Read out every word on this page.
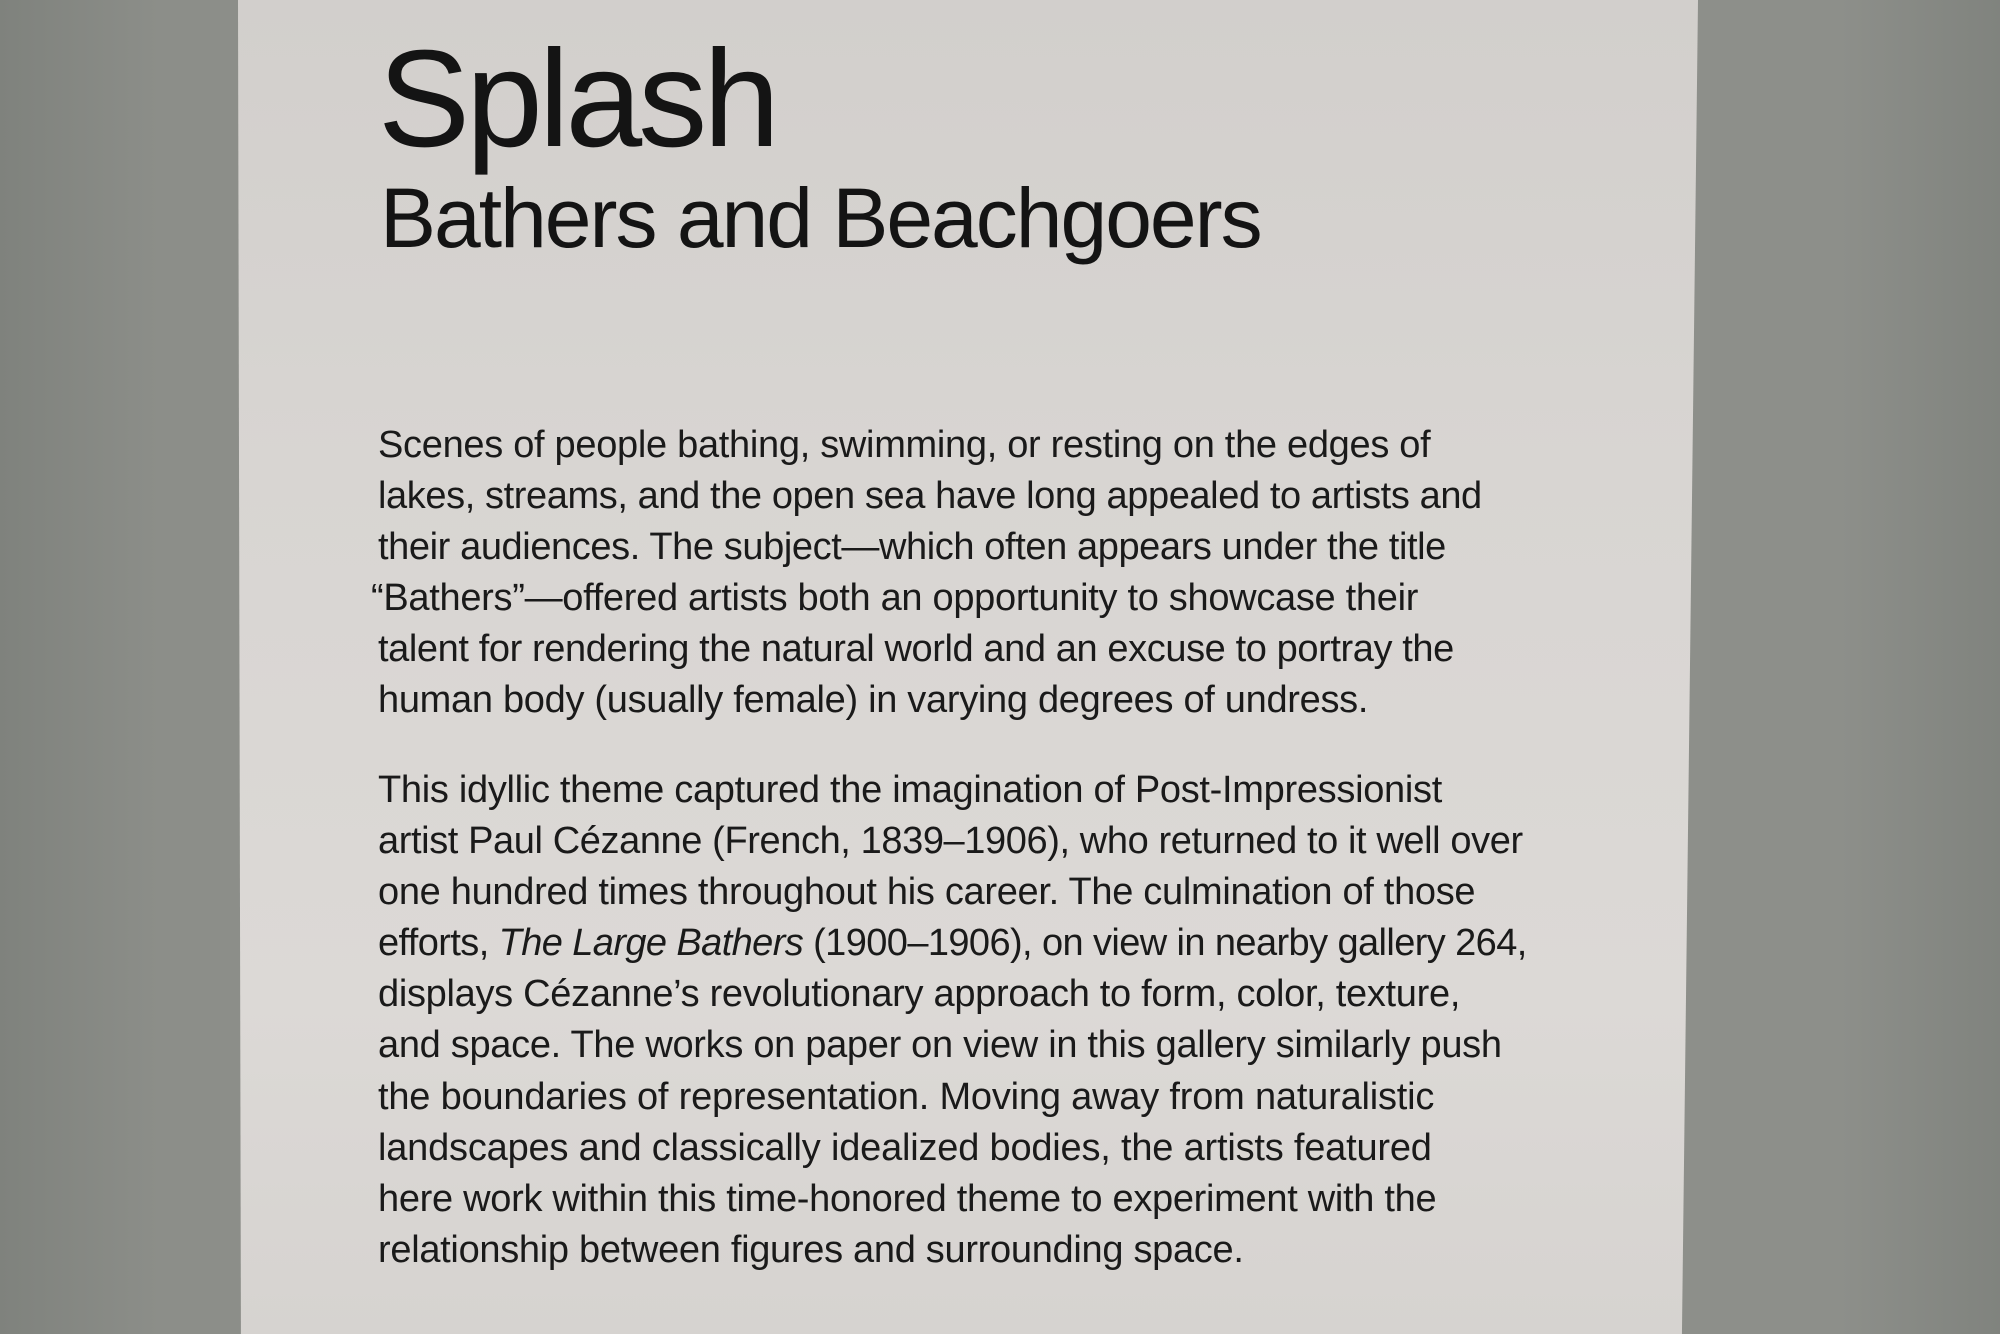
Splash
Bathers and Beachgoers

Scenes of people bathing, swimming, or resting on the edges of
lakes, streams, and the open sea have long appealed to artists and
their audiences. The subject—which often appears under the title
“Bathers”—offered artists both an opportunity to showcase their
talent for rendering the natural world and an excuse to portray the
human body (usually female) in varying degrees of undress.

This idyllic theme captured the imagination of Post-Impressionist
artist Paul Cézanne (French, 1839–1906), who returned to it well over
one hundred times throughout his career. The culmination of those
efforts, The Large Bathers (1900–1906), on view in nearby gallery 264,
displays Cézanne’s revolutionary approach to form, color, texture,
and space. The works on paper on view in this gallery similarly push
the boundaries of representation. Moving away from naturalistic
landscapes and classically idealized bodies, the artists featured
here work within this time-honored theme to experiment with the
relationship between figures and surrounding space.
